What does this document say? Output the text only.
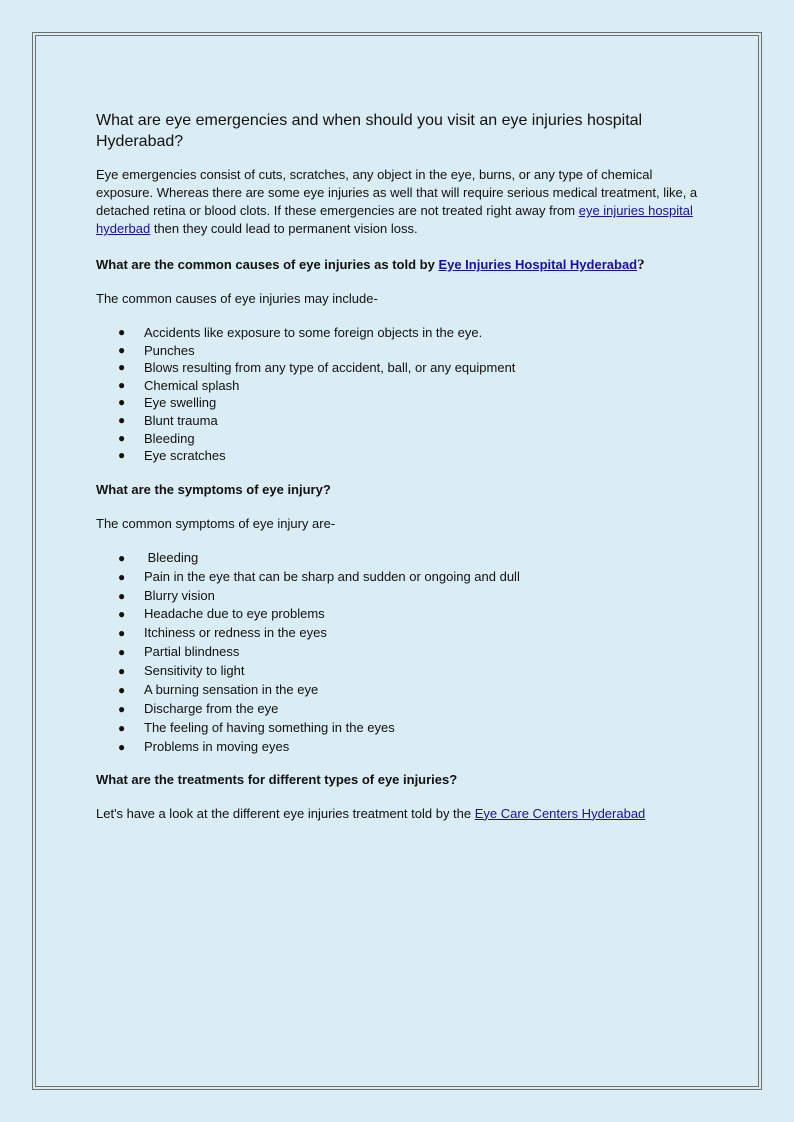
What are eye emergencies and when should you visit an eye injuries hospital Hyderabad?

Eye emergencies consist of cuts, scratches, any object in the eye, burns, or any type of chemical exposure. Whereas there are some eye injuries as well that will require serious medical treatment, like, a detached retina or blood clots. If these emergencies are not treated right away from eye injuries hospital hyderbad then they could lead to permanent vision loss.

What are the common causes of eye injuries as told by Eye Injuries Hospital Hyderabad?

The common causes of eye injuries may include-

● Accidents like exposure to some foreign objects in the eye.
● Punches
● Blows resulting from any type of accident, ball, or any equipment
● Chemical splash
● Eye swelling
● Blunt trauma
● Bleeding
● Eye scratches
What are the symptoms of eye injury?

The common symptoms of eye injury are-

● Bleeding
● Pain in the eye that can be sharp and sudden or ongoing and dull
● Blurry vision
● Headache due to eye problems
● Itchiness or redness in the eyes
● Partial blindness
● Sensitivity to light
● A burning sensation in the eye
● Discharge from the eye
● The feeling of having something in the eyes
● Problems in moving eyes
What are the treatments for different types of eye injuries?

Let's have a look at the different eye injuries treatment told by the Eye Care Centers Hyderabad
